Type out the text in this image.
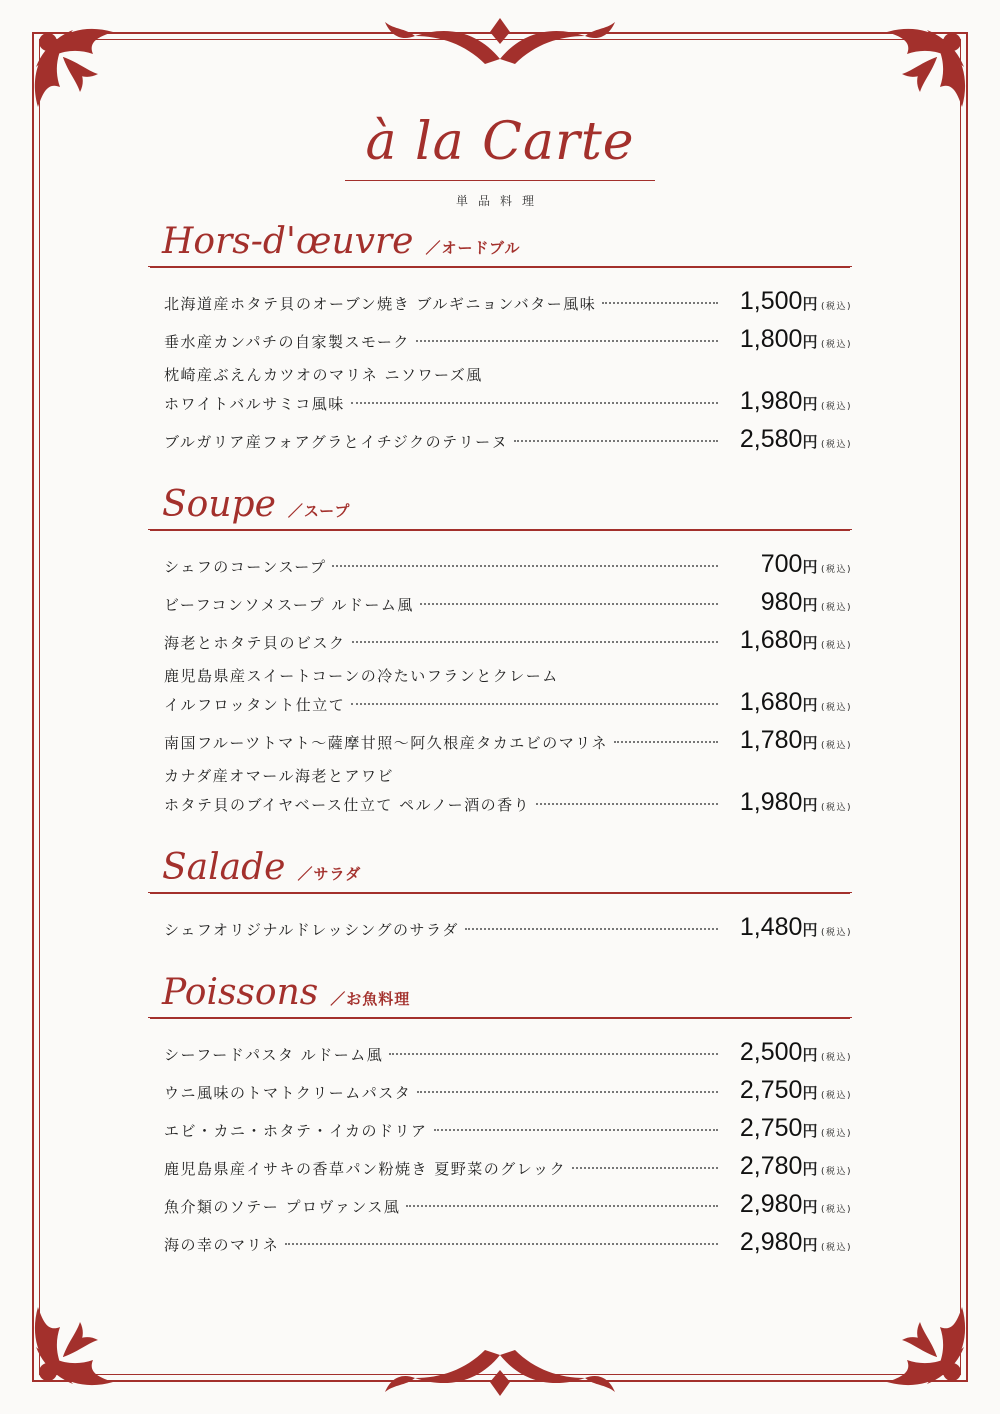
à la Carte
単品料理
Hors-d'œuvre ／オードブル
北海道産ホタテ貝のオーブン焼き ブルギニョンバター風味	1,500円 (税込)
垂水産カンパチの自家製スモーク	1,800円 (税込)
枕崎産ぶえんカツオのマリネ ニソワーズ風
ホワイトバルサミコ風味	1,980円 (税込)
ブルガリア産フォアグラとイチジクのテリーヌ	2,580円 (税込)
Soupe ／スープ
シェフのコーンスープ	700円 (税込)
ビーフコンソメスープ ルドーム風	980円 (税込)
海老とホタテ貝のビスク	1,680円 (税込)
鹿児島県産スイートコーンの冷たいフランとクレーム
イルフロッタント仕立て	1,680円 (税込)
南国フルーツトマト〜薩摩甘照〜阿久根産タカエビのマリネ	1,780円 (税込)
カナダ産オマール海老とアワビ
ホタテ貝のブイヤベース仕立て ペルノー酒の香り	1,980円 (税込)
Salade ／サラダ
シェフオリジナルドレッシングのサラダ	1,480円 (税込)
Poissons ／お魚料理
シーフードパスタ ルドーム風	2,500円 (税込)
ウニ風味のトマトクリームパスタ	2,750円 (税込)
エビ・カニ・ホタテ・イカのドリア	2,750円 (税込)
鹿児島県産イサキの香草パン粉焼き 夏野菜のグレック	2,780円 (税込)
魚介類のソテー プロヴァンス風	2,980円 (税込)
海の幸のマリネ	2,980円 (税込)
